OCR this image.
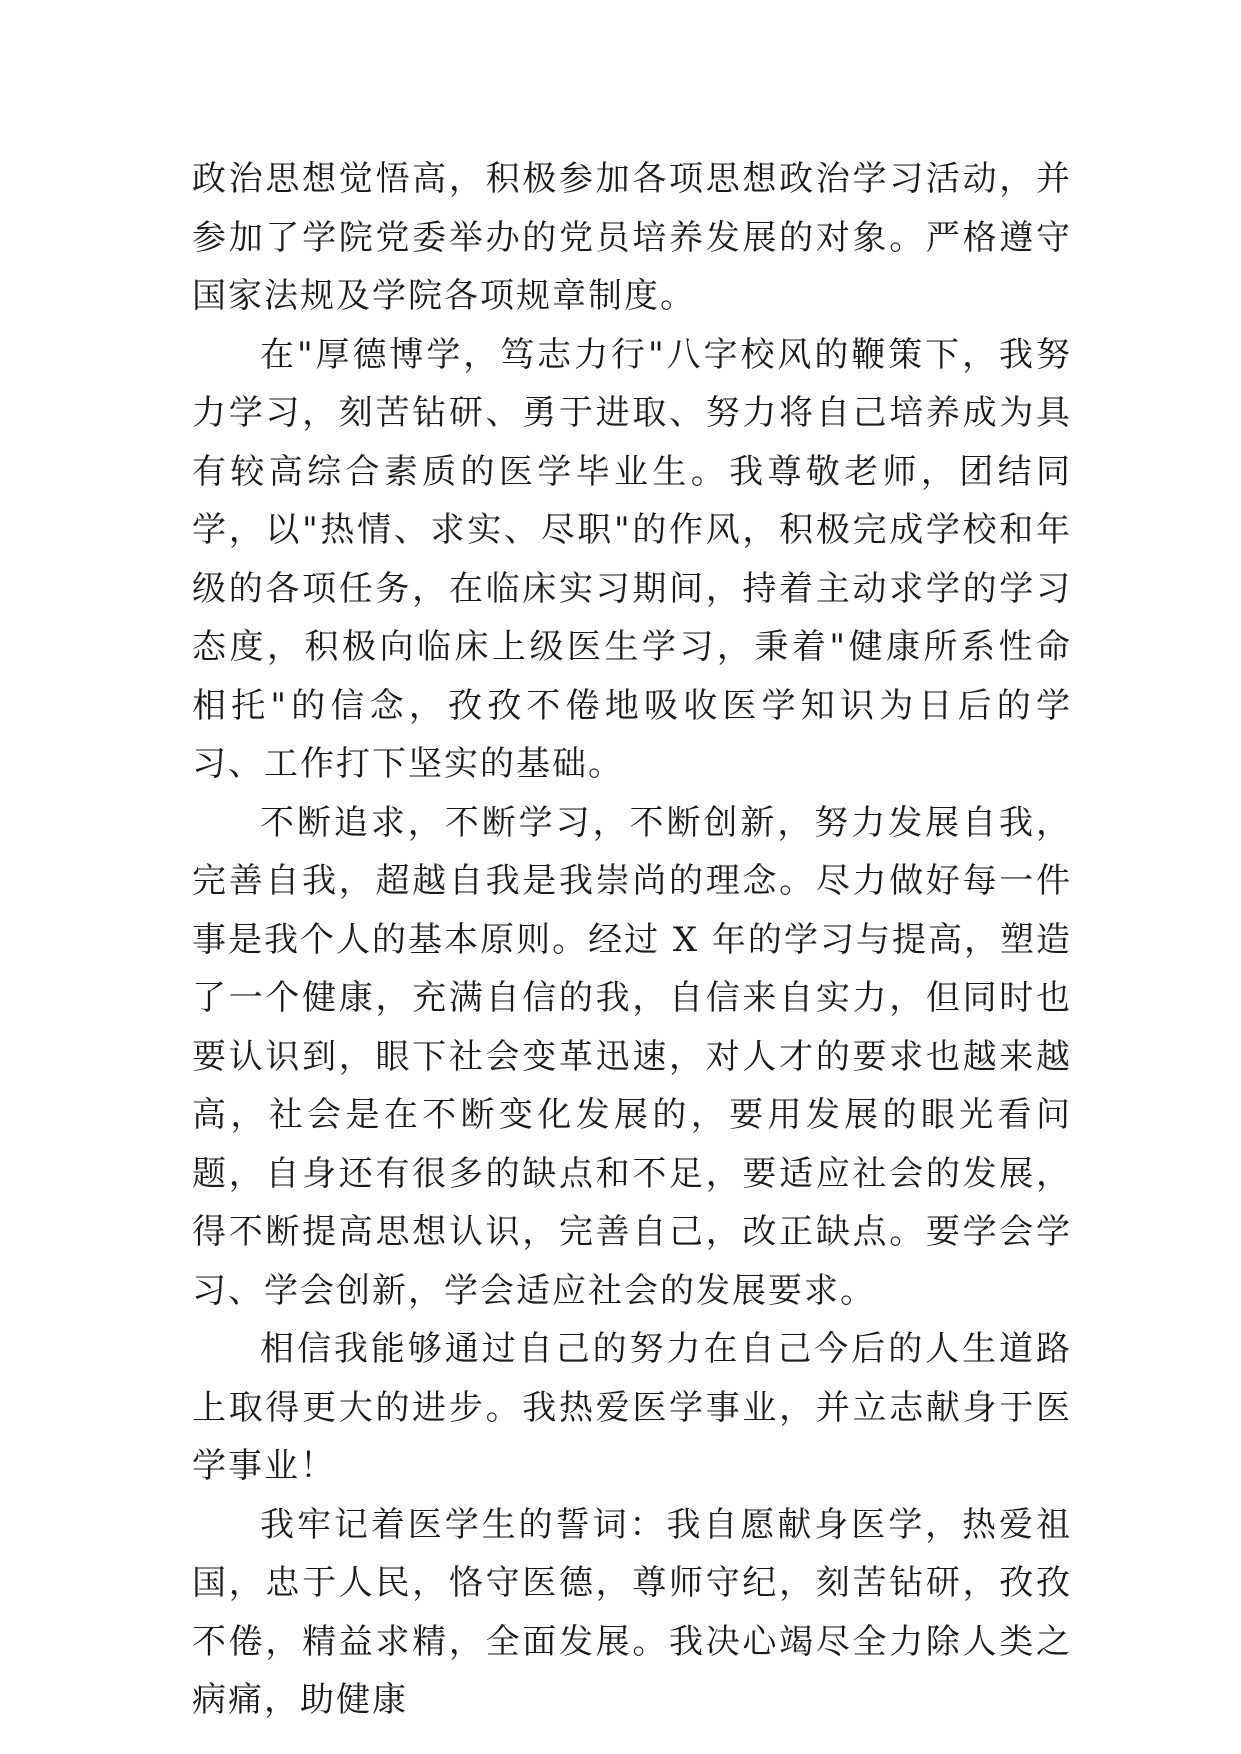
政治思想觉悟高，积极参加各项思想政治学习活动，并参加了学院党委举办的党员培养发展的对象。严格遵守国家法规及学院各项规章制度。

在"厚德博学，笃志力行"八字校风的鞭策下，我努力学习，刻苦钻研、勇于进取、努力将自己培养成为具有较高综合素质的医学毕业生。我尊敬老师，团结同学，以"热情、求实、尽职"的作风，积极完成学校和年级的各项任务，在临床实习期间，持着主动求学的学习态度，积极向临床上级医生学习，秉着"健康所系性命相托"的信念，孜孜不倦地吸收医学知识为日后的学习、工作打下坚实的基础。

不断追求，不断学习，不断创新，努力发展自我，完善自我，超越自我是我崇尚的理念。尽力做好每一件事是我个人的基本原则。经过 X 年的学习与提高，塑造了一个健康，充满自信的我，自信来自实力，但同时也要认识到，眼下社会变革迅速，对人才的要求也越来越高，社会是在不断变化发展的，要用发展的眼光看问题，自身还有很多的缺点和不足，要适应社会的发展，得不断提高思想认识，完善自己，改正缺点。要学会学习、学会创新，学会适应社会的发展要求。

相信我能够通过自己的努力在自己今后的人生道路上取得更大的进步。我热爱医学事业，并立志献身于医学事业！

我牢记着医学生的誓词：我自愿献身医学，热爱祖国，忠于人民，恪守医德，尊师守纪，刻苦钻研，孜孜不倦，精益求精，全面发展。我决心竭尽全力除人类之病痛，助健康
